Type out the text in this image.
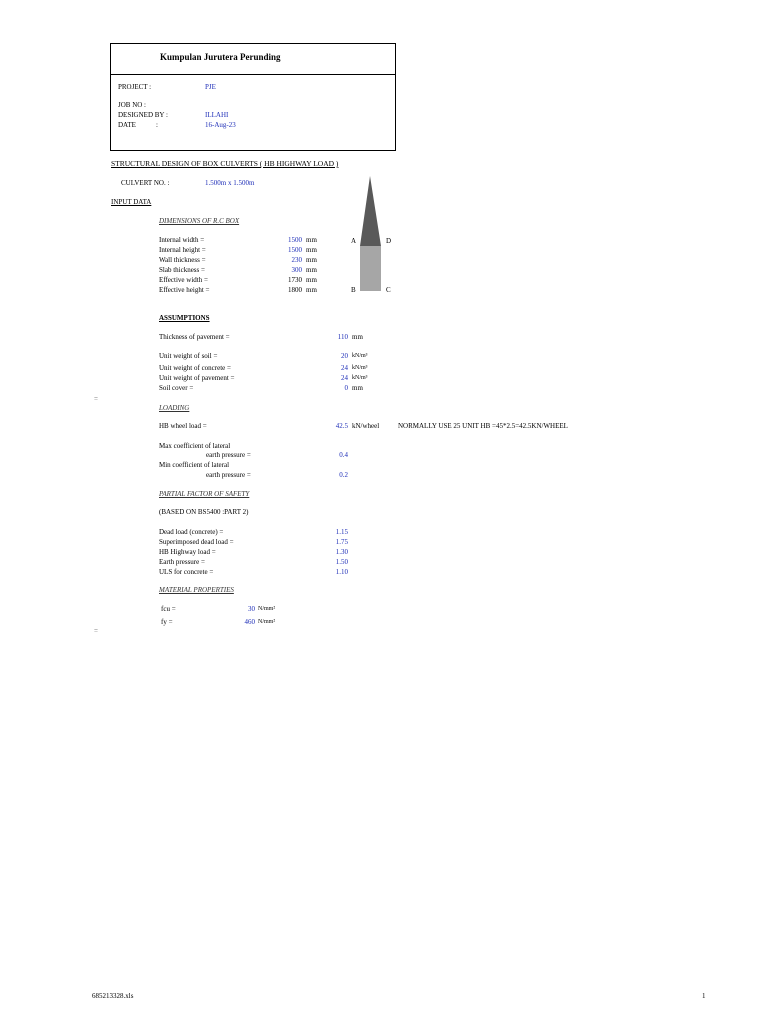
Kumpulan Jurutera Perunding
PROJECT :	PJE
JOB NO :
DESIGNED BY :	ILLAHI
DATE	:	16-Aug-23
STRUCTURAL DESIGN OF BOX CULVERTS ( HB HIGHWAY LOAD )
CULVERT NO. :	1.500m x 1.500m
INPUT DATA
DIMENSIONS OF R.C BOX
Internal width =	1500 mm
Internal height =	1500 mm
Wall thickness =	230 mm
Slab thickness =	300 mm
Effective width =	1730 mm
Effective height =	1800 mm
A	D
B	C
ASSUMPTIONS
Thickness of pavement =	110 mm
Unit weight of soil =	20 kN/m³
Unit weight of concrete =	24 kN/m³
Unit weight of pavement =	24 kN/m³
Soil cover =	0 mm
=
LOADING
HB wheel load =	42.5 kN/wheel	NORMALLY USE 25 UNIT HB =45*2.5=42.5KN/WHEEL
Max coefficient of lateral
earth pressure =	0.4
Min coefficient of lateral
earth pressure =	0.2
PARTIAL FACTOR OF SAFETY
(BASED ON BS5400 :PART 2)
Dead load (concrete) =	1.15
Superimposed dead load =	1.75
HB Highway load =	1.30
Earth pressure =	1.50
ULS for concrete =	1.10
MATERIAL PROPERTIES
fcu =	30 N/mm²
fy =	460 N/mm²
=
685213328.xls	1
